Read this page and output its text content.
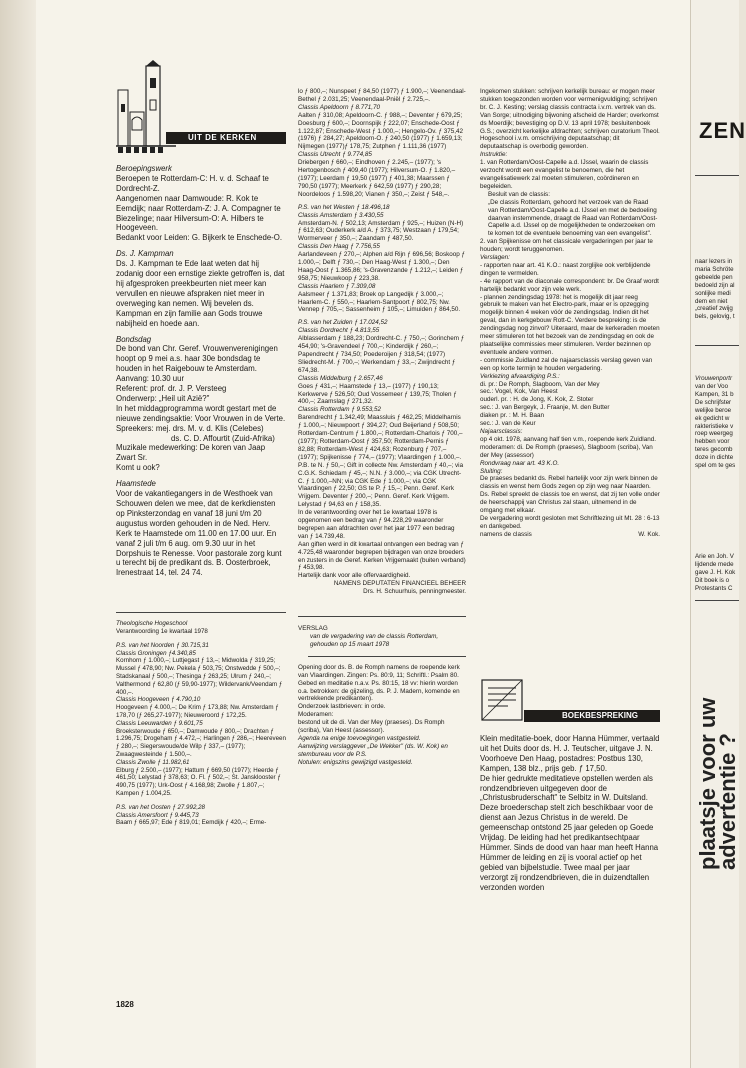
UIT DE KERKEN

Beroepingswerk

Beroepen te Rotterdam-C: H. v. d. Schaaf te Dordrecht-Z.

Aangenomen naar Damwoude: R. Kok te Eemdijk; naar Rotterdam-Z: J. A. Compagner te Biezelinge; naar Hilversum-O: A. Hilbers te Hoogeveen.

Bedankt voor Leiden: G. Bijkerk te Enschede-O.

Ds. J. Kampman

Ds. J. Kampman te Ede laat weten dat hij zodanig door een ernstige ziekte getroffen is, dat hij afgesproken preekbeurten niet meer kan vervullen en nieuwe afspraken niet meer in overweging kan nemen. Wij bevelen ds. Kampman en zijn familie aan Gods trouwe nabijheid en hoede aan.

Bondsdag

De bond van Chr. Geref. Vrouwenverenigingen hoopt op 9 mei a.s. haar 30e bondsdag te houden in het Raigebouw te Amsterdam.

Aanvang: 10.30 uur

Referent: prof. dr. J. P. Versteeg

Onderwerp: „Heil uit Azië?"

In het middagprogramma wordt gestart met de nieuwe zendingsaktie: Voor Vrouwen in de Verte.

Spreekers: mej. drs. M. v. d. Klis (Celebes)

ds. C. D. Affourtit (Zuid-Afrika)

Muzikale medewerking: De koren van Jaap Zwart Sr.

Komt u ook?

Haamstede

Voor de vakantiegangers in de Westhoek van Schouwen delen we mee, dat de kerkdiensten op Pinksterzondag en vanaf 18 juni t/m 20 augustus worden gehouden in de Ned. Herv. Kerk te Haamstede om 11.00 en 17.00 uur. En vanaf 2 juli t/m 6 aug. om 9.30 uur in het Dorpshuis te Renesse. Voor pastorale zorg kunt u terecht bij de predikant ds. B. Oosterbroek, Irenestraat 14, tel. 24 74.

Theologische Hogeschool

Verantwoording 1e kwartaal 1978

P.S. van het Noorden ƒ 30.715,31

Classis Groningen ƒ4.340,85

Kornhorn ƒ 1.000,–; Luttjegast ƒ 13,–; Midwolda ƒ 319,25; Mussel ƒ 478,90; Nw. Pekela ƒ 503,75; Onstwedde ƒ 500,–; Stadskanaal ƒ 500,–; Thesinga ƒ 263,25; Ulrum ƒ 240,–; Valthermond ƒ 62,80 (ƒ 59,90-1977); Wildervank/Veendam ƒ 400,–.

Classis Hoogeveen ƒ 4.790,10

Hoogeveen ƒ 4.000,–; De Krim ƒ 173,88; Nw. Amsterdam ƒ 178,70 (ƒ 265,27-1977); Nieuweroord ƒ 172,25.

Classis Leeuwarden ƒ 9.601,75

Broeksterwoude ƒ 650,–; Damwoude ƒ 800,–; Drachten ƒ 1.296,75; Drogeham ƒ 4.472,–; Harlingen ƒ 286,–; Heereveen ƒ 280,–; Siegerswoude/de Wilp ƒ 337,– (1977); Zwaagwesteinde ƒ 1.500,–.

Classis Zwolle ƒ 11.982,61

Elburg ƒ 2.500,– (1977); Hattum ƒ 669,50 (1977); Heerde ƒ 461,50; Lelystad ƒ 378,63; O. Fl. ƒ 502,–; St. Jansklooster ƒ 490,75 (1977); Urk-Oost ƒ 4.168,98; Zwolle ƒ 1.807,–; Kampen ƒ 1.004,25.

P.S. van het Oosten ƒ 27.992,28

Classis Amersfoort ƒ 9.445,73

Baam ƒ 665,97; Ede ƒ 819,01; Eemdijk ƒ 420,–; Erme-

lo ƒ 800,–; Nunspeet ƒ 84,50 (1977) ƒ 1.900,–; Veenendaal-Bethel ƒ 2.031,25; Veenendaal-Pniël ƒ 2.725,–.

Classis Apeldoorn ƒ 8.771,70

Aalten ƒ 310,08; Apeldoorn-C. ƒ 988,–; Deventer ƒ 679,25; Doesburg ƒ 600,–; Doornspijk ƒ 222,07; Enschede-Oost ƒ 1.122,87; Enschede-West ƒ 1.000,–; Hengelo-Ov. ƒ 375,42 (1976) ƒ 284,27; Apeldoorn-O. ƒ 240,50 (1977) ƒ 1.659,13; Nijmegen (1977)ƒ 178,75; Zutphen ƒ 1.111,36 (1977)

Classis Utrecht ƒ 9.774,85

Driebergen ƒ 660,–; Eindhoven ƒ 2.245,– (1977); 's Hertogenbosch ƒ 409,40 (1977); Hilversum-O. ƒ 1.820,– (1977); Leerdam ƒ 19,50 (1977) ƒ 401,38; Maarssen ƒ 790,50 (1977); Meerkerk ƒ 642,59 (1977) ƒ 290,28; Noordeloos ƒ 1.598,20; Vianen ƒ 350,–; Zeist ƒ 548,–.

P.S. van het Westen ƒ 18.496,18

Classis Amsterdam ƒ 3.430,55

Amsterdam-N. ƒ 502,13; Amsterdam ƒ 925,–; Huizen (N-H) ƒ 612,63; Ouderkerk a/d A. ƒ 373,75; Westzaan ƒ 179,54; Wormerveer ƒ 350,–; Zaandam ƒ 487,50.

Classis Den Haag ƒ 7.756,55

Aarlandeveen ƒ 270,–; Alphen a/d Rijn ƒ 696,56; Boskoop ƒ 1.000,–; Delft ƒ 730,–; Den Haag-West ƒ 1.300,–; Den Haag-Oost ƒ 1.365,86; 's-Gravenzande ƒ 1.212,–; Leiden ƒ 958,75; Nieuwkoop ƒ 223,38.

Classis Haarlem ƒ 7.309,08

Aalsmeer ƒ 1.371,83; Broek op Langedijk ƒ 3.000,–; Haarlem-C. ƒ 550,–; Haarlem-Santpoort ƒ 802,75; Nw. Vennep ƒ 705,–; Sassenheim ƒ 105,–; Limuiden ƒ 864,50.

P.S. van het Zuiden ƒ 17.024,52

Classis Dordrecht ƒ 4.813,55

Alblasserdam ƒ 188,23; Dordrecht-C. ƒ 750,–; Gorinchem ƒ 454,90; 's-Gravendeel ƒ 700,–; Kinderdijk ƒ 260,–; Papendrecht ƒ 734,50; Poederoijen ƒ 318,54; (1977) Sliedrecht-M. ƒ 700,–; Werkendam ƒ 33,–; Zwijndrecht ƒ 674,38.

Classis Middelburg ƒ 2.657,46

Goes ƒ 431,–; Haamstede ƒ 13,– (1977) ƒ 190,13; Kerkwerve ƒ 526,50; Oud Vossemeer ƒ 139,75; Tholen ƒ 400,–; Zaamslag ƒ 271,32.

Classis Rotterdam ƒ 9.553,52

Barendrecht ƒ 1.342,49; Maassluis ƒ 462,25; Middelharnis ƒ 1.000,–; Nieuwpoort ƒ 394,27; Oud Beijerland ƒ 508,50; Rotterdam-Centrum ƒ 1.800,–; Rotterdam-Charlois ƒ 700,– (1977); Rotterdam-Oost ƒ 357,50; Rotterdam-Pernis ƒ 82,88; Rotterdam-West ƒ 424,63; Rozenburg ƒ 707,– (1977); Spijkenisse ƒ 774,– (1977); Vlaardingen ƒ 1.000,–.

P.B. te N. ƒ 50,–; Gift in collecte Nw. Amsterdam ƒ 40,–; via C.G.K. Schiedam ƒ 45,–; N.N. ƒ 3.000,–; via CGK Utrecht-C. ƒ 1.000,–NN; via CGK Ede ƒ 1.000,–; via CGK Vlaardingen ƒ 22,50; GS te P. ƒ 15,–; Penn. Geref. Kerk Vrijgem. Deventer ƒ 200,–; Penn. Geref. Kerk Vrijgem. Lelystad ƒ 94,63 en ƒ 158,35.

In de verantwoording over het 1e kwartaal 1978 is opgenomen een bedrag van ƒ 94.228,29 waaronder begrepen aan afdrachten over het jaar 1977 een bedrag van ƒ 14.739,48.

Aan giften werd in dit kwartaal ontvangen een bedrag van ƒ 4.725,48 waaronder begrepen bijdragen van onze broeders en zusters in de Geref. Kerken Vrijgemaakt (buiten verband) ƒ 453,98.

Hartelijk dank voor alle offervaardigheid.

NAMENS DEPUTATEN FINANCIEEL BEHEER

Drs. H. Schuurhuis, penningmeester.

VERSLAG

van de vergadering van de classis Rotterdam, gehouden op 15 maart 1978

Opening door ds. B. de Romph namens de roepende kerk van Vlaardingen. Zingen: Ps. 80:9, 11; Schriftl.: Psalm 80.

Gebed en meditatie n.a.v. Ps. 80:15, 18 vv: hierin worden o.a. betrokken: de gijzeling, ds. P. J. Madern, komende en vertrekkende predikanten).

Onderzoek lastbrieven: in orde.

Moderamen:

bestond uit de di. Van der Mey (praeses). Ds Romph (scriba), Van Heest (assessor).

Agenda na enige toevoegingen vastgesteld.

Aanwijzing verslaggever „De Wekker" (ds. W. Kok) en stembureau voor de P.S.

Notulen: enigszins gewijzigd vastgesteld.

Ingekomen stukken: schrijven kerkelijk bureau: er mogen meer stukken toegezonden worden voor vermenigvuldiging; schrijven br. C. J. Kesting; verslag classis contracta i.v.m. vertrek van ds. Van Sorge; uitnodiging bijwoning afscheid de Harder; overkomst ds Moerdijk; bevestiging op D.V. 13 april 1978; besluitenboek G.S.; overzicht kerkelijke afdrachten; schrijven curatorium Theol. Hogeschool i.v.m. omschrijving deputaatschap; dit deputaatschap is overbodig geworden.

Instruktie:

1. van Rotterdam/Oost-Capelle a.d. IJssel, waarin de classis verzocht wordt een evangelist te benoemen, die het evangelisatiewerk zal moeten stimuleren, coördineren en begeleiden.

Besluit van de classis:

„De classis Rotterdam, gehoord het verzoek van de Raad van Rotterdam/Oost-Capelle a.d. IJssel en met de bedoeling daarvan instemmende, draagt de Raad van Rotterdam/Oost-Capelle a.d. IJssel op de mogelijkheden te onderzoeken om te komen tot de eventuele benoeming van een evangelist".

2. van Spijkenisse om het classicale vergaderingen per jaar te houden; wordt teruggenomen.

Verslagen:

- rapporten naar art. 41 K.O.: naast zorglijke ook verblijdende dingen te vermelden.

- 4e rapport van de diaconale correspondent: br. De Graaf wordt hartelijk bedankt voor zijn vele werk.

- plannen zendingsdag 1978: het is mogelijk dit jaar reeg gebruik te maken van het Electro-park, maar er is opzegging mogelijk binnen 4 weken vóór de zendingsdag. Indien dit het geval, dan in kerkgebouw Rott-C. Verdere bespreking: is de zendingsdag nog zinvol? Uiteraard, maar de kerkeraden moeten meer stimuleren tot het bezoek van de zendingsdag en ook de plaatselijke commissies meer stimuleren. Verder bezinnen op eventuele andere vormen.

- commissie Zuidland zal de najaarsclassis verslag geven van een op korte termijn te houden vergadering.

Verkiezing afvaardiging P.S.:

di. pr.: De Romph, Slagboom, Van der Mey

sec.: Vogel, Kok, Van Heest

ouderl. pr. : H. de Jong, K. Kok, Z. Stoter

sec.: J. van Bergeyk, J. Fraanje, M. den Butter

diaken pr. : M. H. Baan

sec.: J. van de Keur

Najaarsclassis:

op 4 okt. 1978, aanvang half tien v.m., roepende kerk Zuidland.

moderamen: di. De Romph (praeses), Slagboom (scriba), Van der Mey (assessor)

Rondvraag naar art. 43 K.O.

Sluiting:

De praeses bedankt ds. Rebel hartelijk voor zijn werk binnen de classis en wenst hem Gods zegen op zijn weg naar Naarden.

Ds. Rebel spreekt de classis toe en wenst, dat zij ten volle onder de heerschappij van Christus zal staan, uitnemend in de omgang met elkaar.

De vergadering wordt gesloten met Schriftlezing uit Mt. 28 : 6-13 en dankgebed.

namens de classis	W. Kok.

BOEKBESPREKING

Klein meditatie-boek, door Hanna Hümmer, vertaald uit het Duits door ds. H. J. Teutscher, uitgave J. N. Voorhoeve Den Haag, postadres: Postbus 130, Kampen, 138 blz., prijs geb. ƒ 17,50.

De hier gedrukte meditatieve opstellen werden als rondzendbrieven uitgegeven door de „Christusbruderschaft" te Selbitz in W. Duitsland. Deze broederschap stelt zich beschikbaar voor de dienst aan Jezus Christus in de wereld. De gemeenschap ontstond 25 jaar geleden op Goede Vrijdag. De leiding had het predikantsechtpaar Hümmer. Sinds de dood van haar man heeft Hanna Hümmer de leiding en zij is vooral actief op het gebied van bijbelstudie. Twee maal per jaar verzorgt zij rondzendbrieven, die in duizendtallen verzonden worden

1828
ZEN
naar lezers in
maria Schröte
gebeelde pen
bedoeld zijn al
sonlijke medi
dem en niet
„creatief zwijg
bels, gelovig, t
Vrouwenportr
van der Voo
Kampen, 31 b
De schrijfster
welijke beroe
ek gedicht w
rakteristieke v
roep weergeg
hebben voor
teres gecomb
doze in dichte
spel om te ges
Arie en Joh. V
lijdende mede
gave J. H. Kok
Dit boek is o
Protestants C
plaatsje voor uw
advertentie ?
